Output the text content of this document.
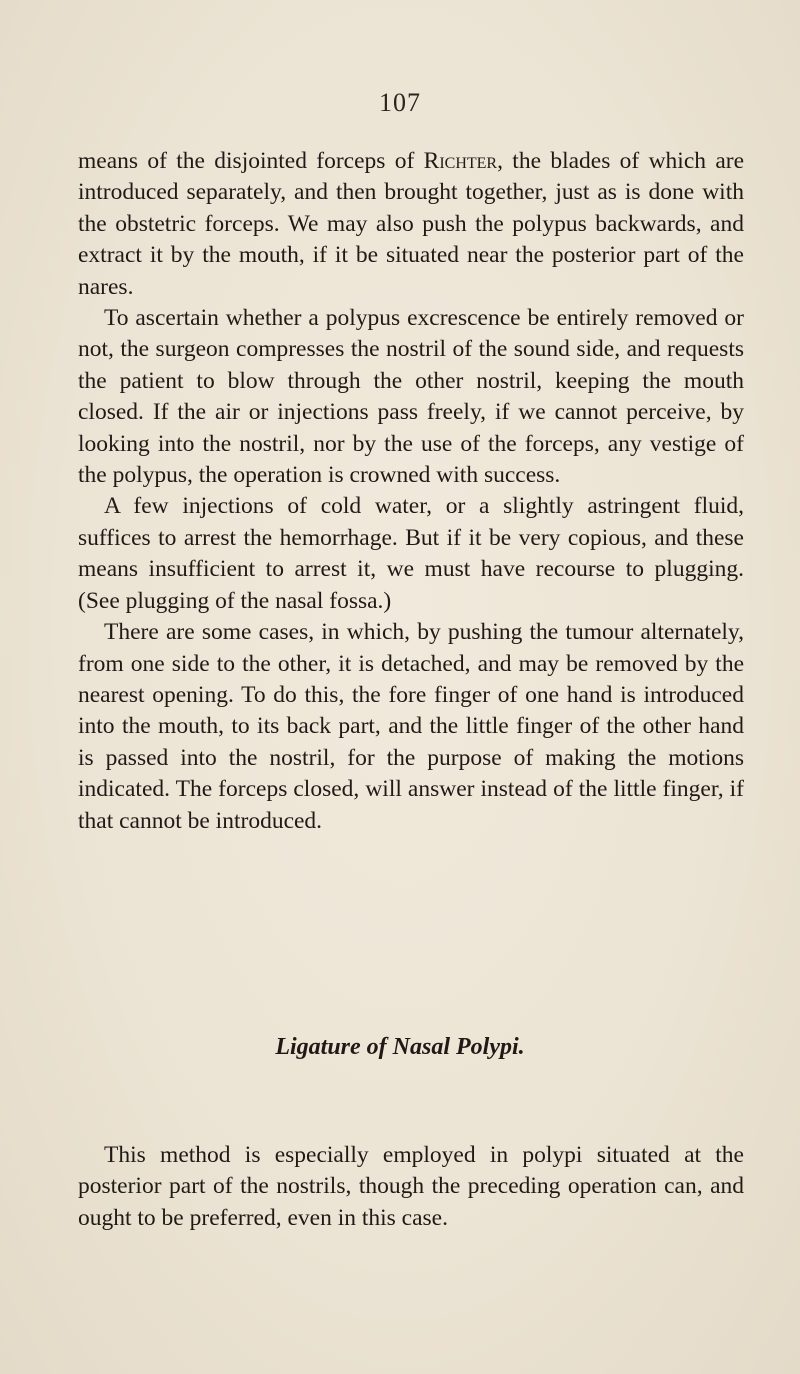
107

means of the disjointed forceps of Richter, the blades of which are introduced separately, and then brought together, just as is done with the obstetric forceps. We may also push the polypus backwards, and extract it by the mouth, if it be situated near the posterior part of the nares.

To ascertain whether a polypus excrescence be entirely removed or not, the surgeon compresses the nostril of the sound side, and requests the patient to blow through the other nostril, keeping the mouth closed. If the air or injections pass freely, if we cannot perceive, by looking into the nostril, nor by the use of the forceps, any vestige of the polypus, the operation is crowned with success.

A few injections of cold water, or a slightly astringent fluid, suffices to arrest the hemorrhage. But if it be very copious, and these means insufficient to arrest it, we must have recourse to plugging. (See plugging of the nasal fossa.)

There are some cases, in which, by pushing the tumour alternately, from one side to the other, it is detached, and may be removed by the nearest opening. To do this, the fore finger of one hand is introduced into the mouth, to its back part, and the little finger of the other hand is passed into the nostril, for the purpose of making the motions indicated. The forceps closed, will answer instead of the little finger, if that cannot be introduced.

Ligature of Nasal Polypi.

This method is especially employed in polypi situated at the posterior part of the nostrils, though the preceding operation can, and ought to be preferred, even in this case.
